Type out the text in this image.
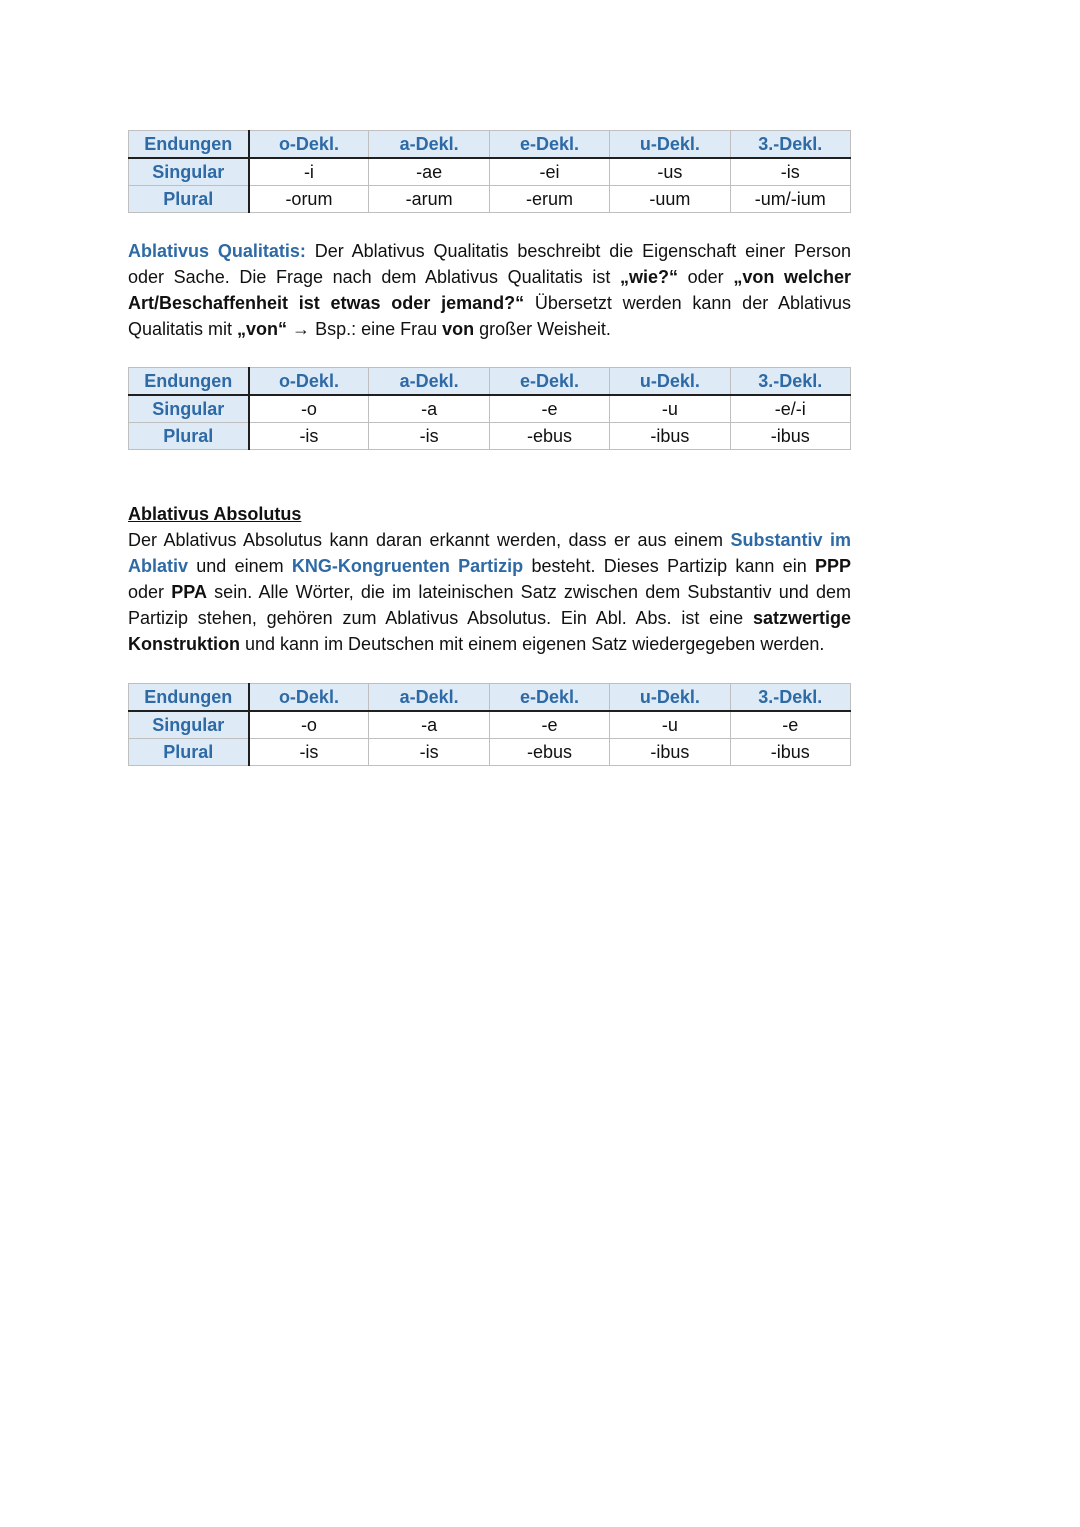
Endungen	o-Dekl.	a-Dekl.	e-Dekl.	u-Dekl.	3.-Dekl.
Singular	-i	-ae	-ei	-us	-is
Plural	-orum	-arum	-erum	-uum	-um/-ium

Ablativus Qualitatis: Der Ablativus Qualitatis beschreibt die Eigenschaft einer Person oder Sache. Die Frage nach dem Ablativus Qualitatis ist „wie?“ oder „von welcher Art/Beschaffenheit ist etwas oder jemand?“ Übersetzt werden kann der Ablativus Qualitatis mit „von“ → Bsp.: eine Frau von großer Weisheit.

Endungen	o-Dekl.	a-Dekl.	e-Dekl.	u-Dekl.	3.-Dekl.
Singular	-o	-a	-e	-u	-e/-i
Plural	-is	-is	-ebus	-ibus	-ibus

Ablativus Absolutus

Der Ablativus Absolutus kann daran erkannt werden, dass er aus einem Substantiv im Ablativ und einem KNG-Kongruenten Partizip besteht. Dieses Partizip kann ein PPP oder PPA sein. Alle Wörter, die im lateinischen Satz zwischen dem Substantiv und dem Partizip stehen, gehören zum Ablativus Absolutus. Ein Abl. Abs. ist eine satzwertige Konstruktion und kann im Deutschen mit einem eigenen Satz wiedergegeben werden.

Endungen	o-Dekl.	a-Dekl.	e-Dekl.	u-Dekl.	3.-Dekl.
Singular	-o	-a	-e	-u	-e
Plural	-is	-is	-ebus	-ibus	-ibus
